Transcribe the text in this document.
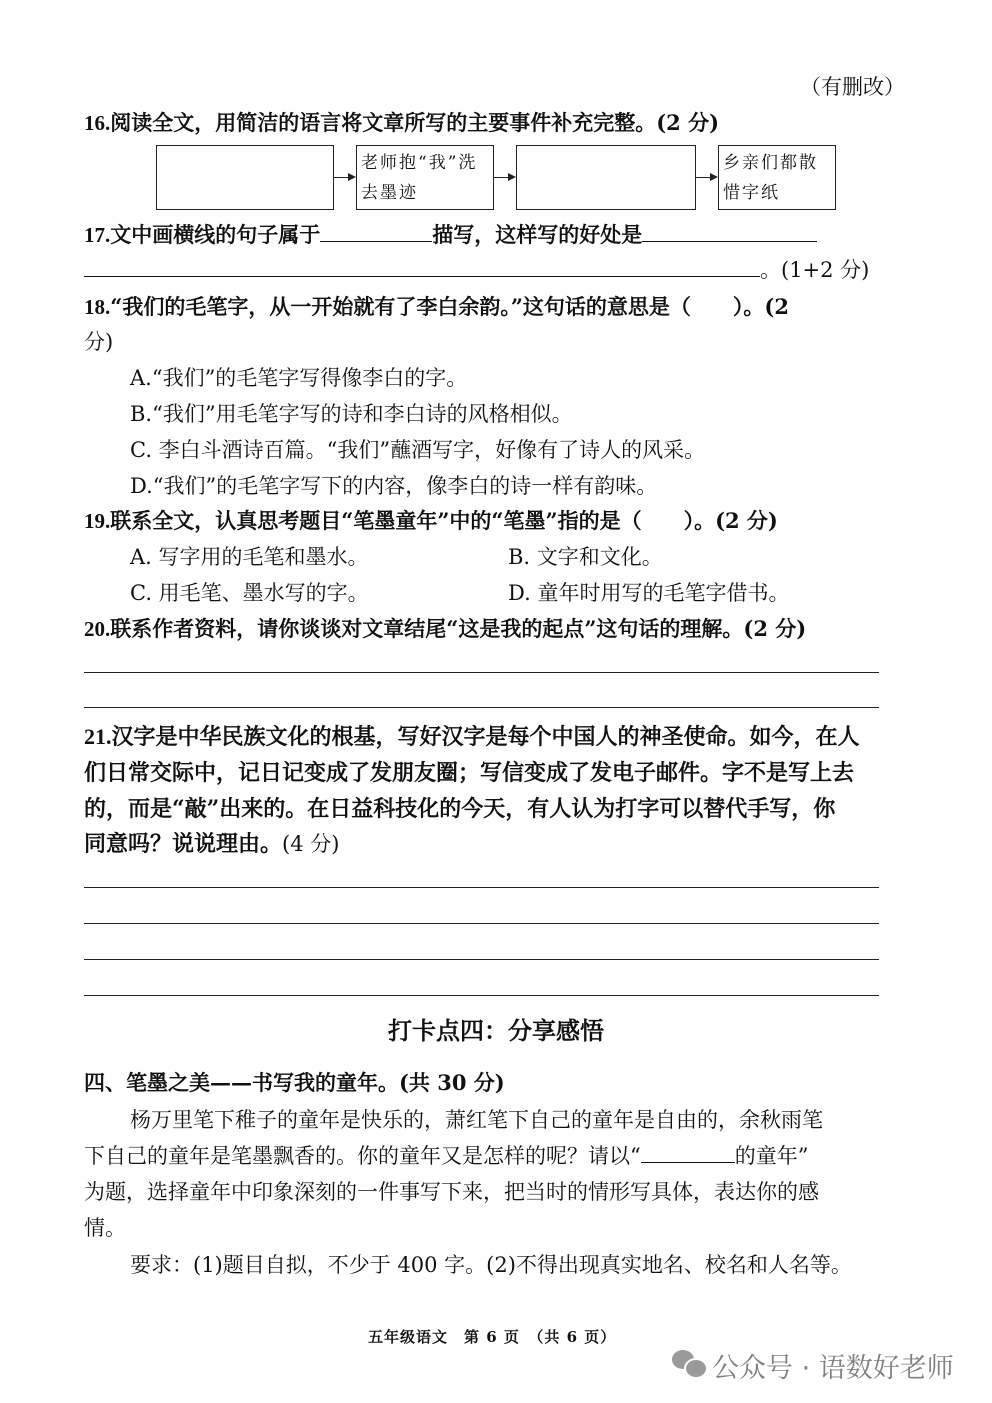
（有删改）
16.阅读全文，用简洁的语言将文章所写的主要事件补充完整。(2 分)
老师抱“我”洗去墨迹
乡亲们都散惜字纸
17.文中画横线的句子属于	描写，这样写的好处是
。(1+2 分)
18.“我们的毛笔字，从一开始就有了李白余韵。”这句话的意思是（　　）。(2
分)
A.“我们”的毛笔字写得像李白的字。
B.“我们”用毛笔字写的诗和李白诗的风格相似。
C. 李白斗酒诗百篇。“我们”蘸酒写字，好像有了诗人的风采。
D.“我们”的毛笔字写下的内容，像李白的诗一样有韵味。
19.联系全文，认真思考题目“笔墨童年”中的“笔墨”指的是（　　）。(2 分)
A. 写字用的毛笔和墨水。	B. 文字和文化。
C. 用毛笔、墨水写的字。	D. 童年时用写的毛笔字借书。
20.联系作者资料，请你谈谈对文章结尾“这是我的起点”这句话的理解。(2 分)
21.汉字是中华民族文化的根基，写好汉字是每个中国人的神圣使命。如今，在人
们日常交际中，记日记变成了发朋友圈；写信变成了发电子邮件。字不是写上去
的，而是“敲”出来的。在日益科技化的今天，有人认为打字可以替代手写，你
同意吗？说说理由。(4 分)
打卡点四：分享感悟
四、笔墨之美——书写我的童年。(共 30 分)
杨万里笔下稚子的童年是快乐的，萧红笔下自己的童年是自由的，余秋雨笔
下自己的童年是笔墨飘香的。你的童年又是怎样的呢？请以“	的童年”
为题，选择童年中印象深刻的一件事写下来，把当时的情形写具体，表达你的感
情。
要求：(1)题目自拟，不少于 400 字。(2)不得出现真实地名、校名和人名等。
五年级语文　第 6 页　（共 6 页）
公众号 · 语数好老师
